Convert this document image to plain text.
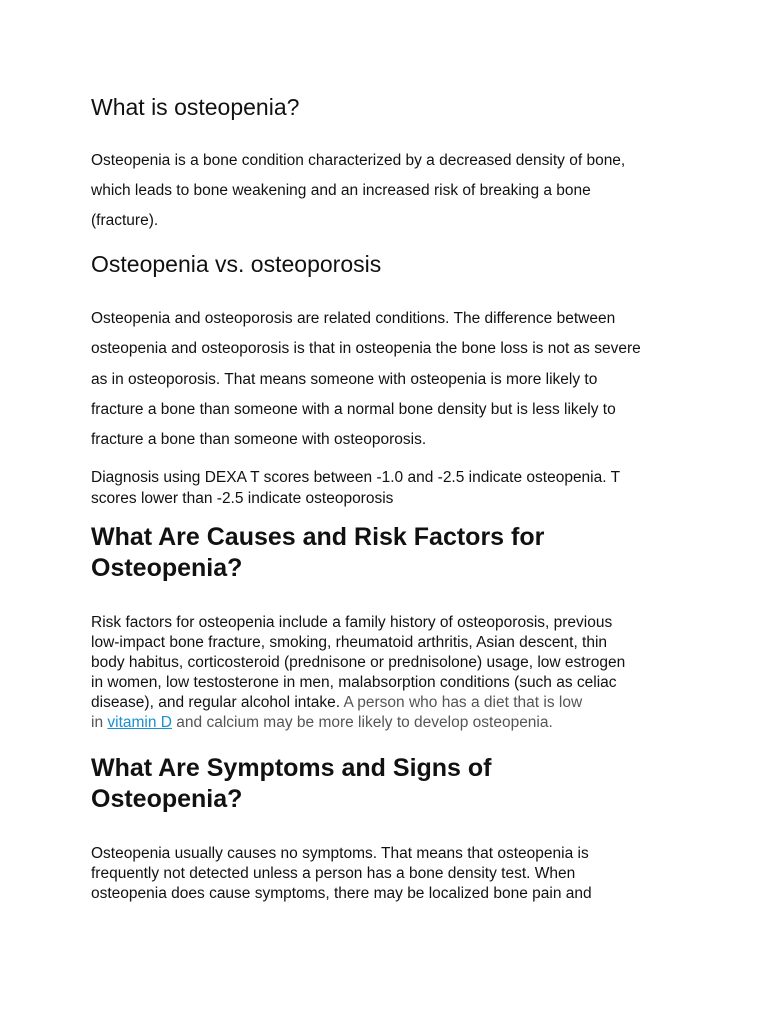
What is osteopenia?

Osteopenia is a bone condition characterized by a decreased density of bone,

which leads to bone weakening and an increased risk of breaking a bone

(fracture).

Osteopenia vs. osteoporosis

Osteopenia and osteoporosis are related conditions. The difference between

osteopenia and osteoporosis is that in osteopenia the bone loss is not as severe

as in osteoporosis. That means someone with osteopenia is more likely to

fracture a bone than someone with a normal bone density but is less likely to

fracture a bone than someone with osteoporosis.

Diagnosis using DEXA T scores between -1.0 and -2.5 indicate osteopenia. T

scores lower than -2.5 indicate osteoporosis

What Are Causes and Risk Factors for
Osteopenia?

Risk factors for osteopenia include a family history of osteoporosis, previous

low-impact bone fracture, smoking, rheumatoid arthritis, Asian descent, thin

body habitus, corticosteroid (prednisone or prednisolone) usage, low estrogen

in women, low testosterone in men, malabsorption conditions (such as celiac

disease), and regular alcohol intake. A person who has a diet that is low

in vitamin D and calcium may be more likely to develop osteopenia.

What Are Symptoms and Signs of
Osteopenia?

Osteopenia usually causes no symptoms. That means that osteopenia is

frequently not detected unless a person has a bone density test. When

osteopenia does cause symptoms, there may be localized bone pain and
